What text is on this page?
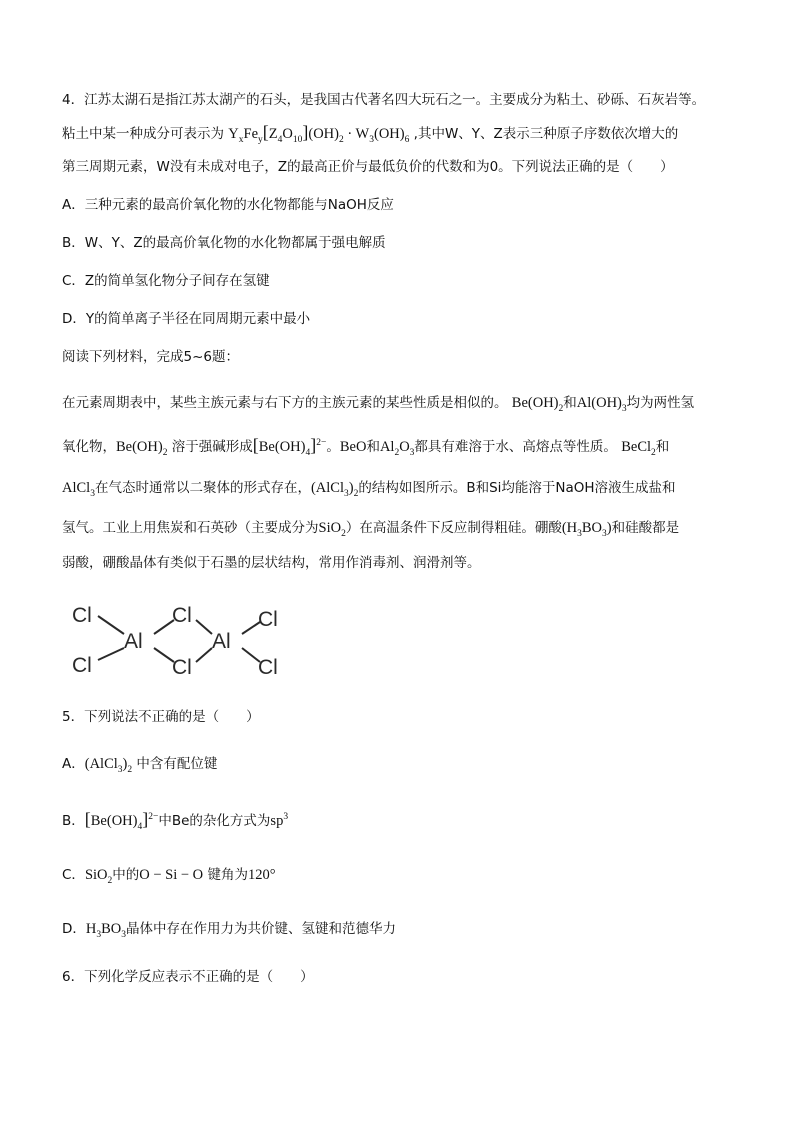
4．江苏太湖石是指江苏太湖产的石头，是我国古代著名四大玩石之一。主要成分为粘土、砂砾、石灰岩等。
粘土中某一种成分可表示为 $Y_xFe_y[Z_4O_{10}](OH)_2 \cdot W_3(OH)_6$ ,其中W、Y、Z表示三种原子序数依次增大的
第三周期元素，W没有未成对电子，Z的最高正价与最低负价的代数和为0。下列说法正确的是（　　）
A．三种元素的最高价氧化物的水化物都能与NaOH反应
B．W、Y、Z的最高价氧化物的水化物都属于强电解质
C．Z的简单氢化物分子间存在氢键
D．Y的简单离子半径在同周期元素中最小
阅读下列材料，完成5~6题：
在元素周期表中，某些主族元素与右下方的主族元素的某些性质是相似的。 $Be(OH)_2$和$Al(OH)_3$均为两性氢
氧化物，$Be(OH)_2$ 溶于强碱形成$[Be(OH)_4]^{2-}$。BeO和$Al_2O_3$都具有难溶于水、高熔点等性质。 BeCl$_2$和
AlCl$_3$在气态时通常以二聚体的形式存在，$(AlCl_3)_2$的结构如图所示。B和Si均能溶于NaOH溶液生成盐和
氢气。工业上用焦炭和石英砂（主要成分为SiO$_2$）在高温条件下反应制得粗硅。硼酸$(H_3BO_3)$和硅酸都是
弱酸，硼酸晶体有类似于石墨的层状结构，常用作消毒剂、润滑剂等。
Cl
Cl
Cl
Cl
Cl
Cl
Al	Al
5．下列说法不正确的是（　　）
A．$(AlCl_3)_2$ 中含有配位键
B．$[Be(OH)_4]^{2-}$中Be的杂化方式为$sp^3$
C．SiO$_2$中的O − Si − O 键角为120°
D．$H_3BO_3$晶体中存在作用力为共价键、氢键和范德华力
6．下列化学反应表示不正确的是（　　）
